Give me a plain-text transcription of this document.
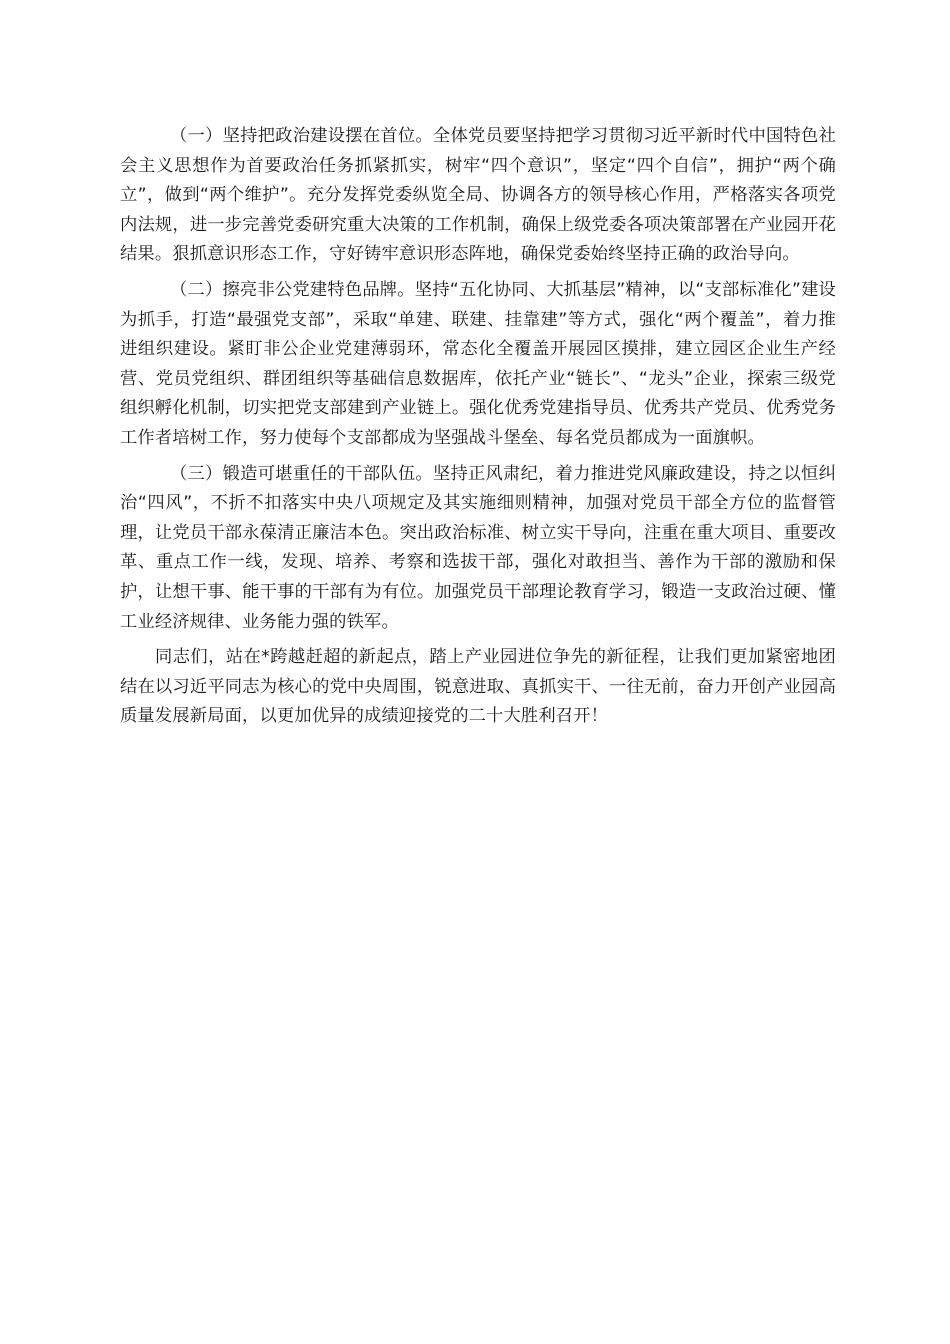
（一）坚持把政治建设摆在首位。全体党员要坚持把学习贯彻习近平新时代中国特色社会主义思想作为首要政治任务抓紧抓实，树牢“四个意识”，坚定“四个自信”，拥护“两个确立”，做到“两个维护”。充分发挥党委纵览全局、协调各方的领导核心作用，严格落实各项党内法规，进一步完善党委研究重大决策的工作机制，确保上级党委各项决策部署在产业园开花结果。狠抓意识形态工作，守好铸牢意识形态阵地，确保党委始终坚持正确的政治导向。

（二）擦亮非公党建特色品牌。坚持“五化协同、大抓基层”精神，以“支部标准化”建设为抓手，打造“最强党支部”，采取“单建、联建、挂靠建”等方式，强化“两个覆盖”，着力推进组织建设。紧盯非公企业党建薄弱环，常态化全覆盖开展园区摸排，建立园区企业生产经营、党员党组织、群团组织等基础信息数据库，依托产业“链长”、“龙头”企业，探索三级党组织孵化机制，切实把党支部建到产业链上。强化优秀党建指导员、优秀共产党员、优秀党务工作者培树工作，努力使每个支部都成为坚强战斗堡垒、每名党员都成为一面旗帜。

（三）锻造可堪重任的干部队伍。坚持正风肃纪，着力推进党风廉政建设，持之以恒纠治“四风”，不折不扣落实中央八项规定及其实施细则精神，加强对党员干部全方位的监督管理，让党员干部永葆清正廉洁本色。突出政治标准、树立实干导向，注重在重大项目、重要改革、重点工作一线，发现、培养、考察和选拔干部，强化对敢担当、善作为干部的激励和保护，让想干事、能干事的干部有为有位。加强党员干部理论教育学习，锻造一支政治过硬、懂工业经济规律、业务能力强的铁军。

同志们，站在*跨越赶超的新起点，踏上产业园进位争先的新征程，让我们更加紧密地团结在以习近平同志为核心的党中央周围，锐意进取、真抓实干、一往无前，奋力开创产业园高质量发展新局面，以更加优异的成绩迎接党的二十大胜利召开！
